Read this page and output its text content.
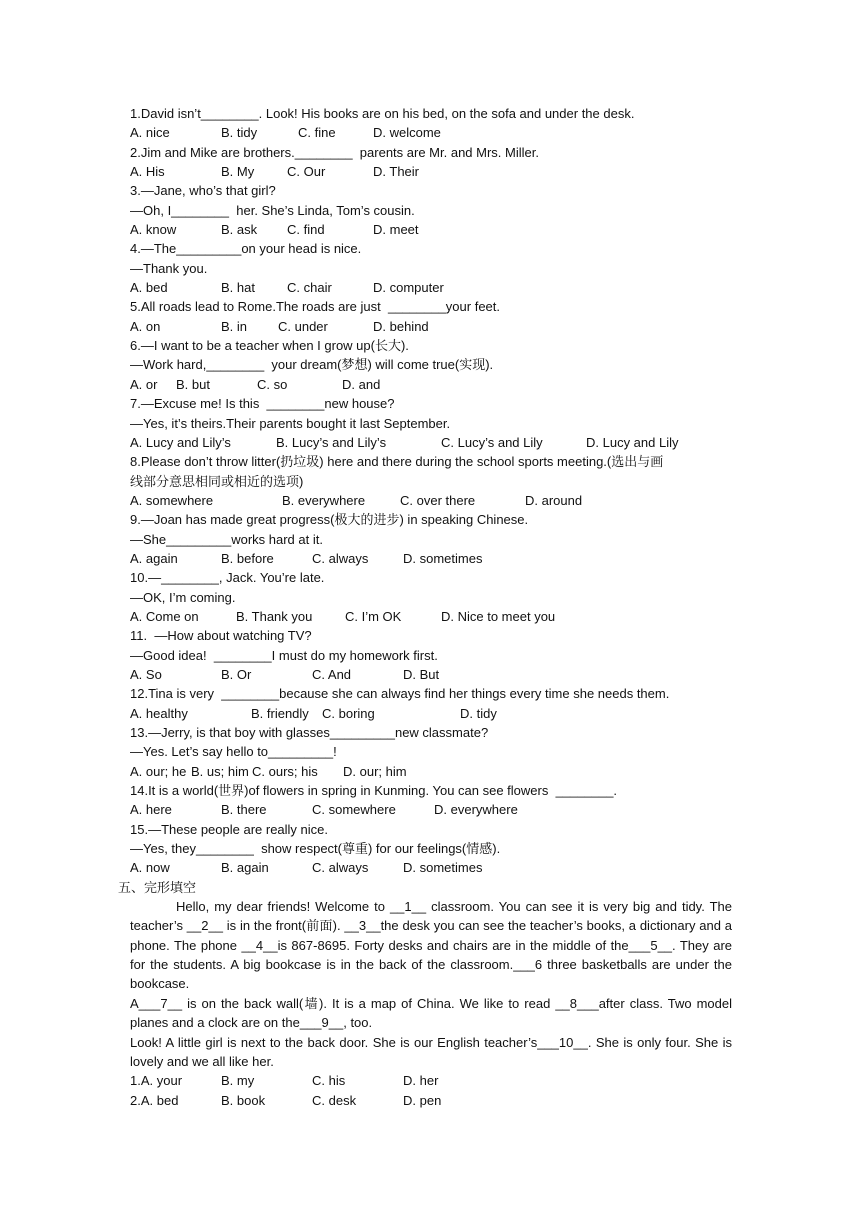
1.David isn’t________. Look! His books are on his bed, on the sofa and under the desk.
A. nice	B. tidy	C. fine	D. welcome
2.Jim and Mike are brothers.________  parents are Mr. and Mrs. Miller.
A. His	B. My	C. Our	D. Their
3.—Jane, who’s that girl?
—Oh, I________  her. She’s Linda, Tom’s cousin.
A. know	B. ask	C. find	D. meet
4.—The_________on your head is nice.
—Thank you.
A. bed	B. hat	C. chair	D. computer
5.All roads lead to Rome.The roads are just  ________your feet.
A. on	B. in	C. under	D. behind
6.—I want to be a teacher when I grow up(长大).
—Work hard,________  your dream(梦想) will come true(实现).
A. or	B. but	C. so	D. and
7.—Excuse me! Is this  ________new house?
—Yes, it’s theirs.Their parents bought it last September.
A. Lucy and Lily’s	B. Lucy’s and Lily’s	C. Lucy’s and Lily	D. Lucy and Lily
8.Please don’t throw litter(扔垃圾) here and there during the school sports meeting.(选出与画
线部分意思相同或相近的选项)
A. somewhere	B. everywhere	C. over there	D. around
9.—Joan has made great progress(极大的进步) in speaking Chinese.
—She_________works hard at it.
A. again	B. before	C. always	D. sometimes
10.—________, Jack. You’re late.
—OK, I’m coming.
A. Come on	B. Thank you	C. I’m OK	D. Nice to meet you
11.  —How about watching TV?
—Good idea!  ________I must do my homework first.
A. So	B. Or	C. And	D. But
12.Tina is very  ________because she can always find her things every time she needs them.
A. healthy	B. friendly	C. boring	D. tidy
13.—Jerry, is that boy with glasses_________new classmate?
—Yes. Let’s say hello to_________!
A. our; he B. us; him C. ours; his	D. our; him
14.It is a world(世界)of flowers in spring in Kunming. You can see flowers  ________.
A. here	B. there	C. somewhere	D. everywhere
15.—These people are really nice.
—Yes, they________  show respect(尊重) for our feelings(情感).
A. now	B. again	C. always	D. sometimes
五、完形填空
Hello, my dear friends! Welcome to __1__ classroom. You can see it is very big and tidy. The teacher’s __2__ is in the front(前面). __3__the desk you can see the teacher’s books, a dictionary and a phone. The phone __4__is 867-8695. Forty desks and chairs are in the middle of the___5__. They are for the students. A big bookcase is in the back of the classroom.___6 three basketballs are under the bookcase.
A___7__ is on the back wall(墙). It is a map of China. We like to read __8___after class. Two model planes and a clock are on the___9__, too.
Look! A little girl is next to the back door. She is our English teacher’s___10__. She is only four. She is lovely and we all like her.
1.A. your	B. my	C. his	D. her
2.A. bed	B. book	C. desk	D. pen
